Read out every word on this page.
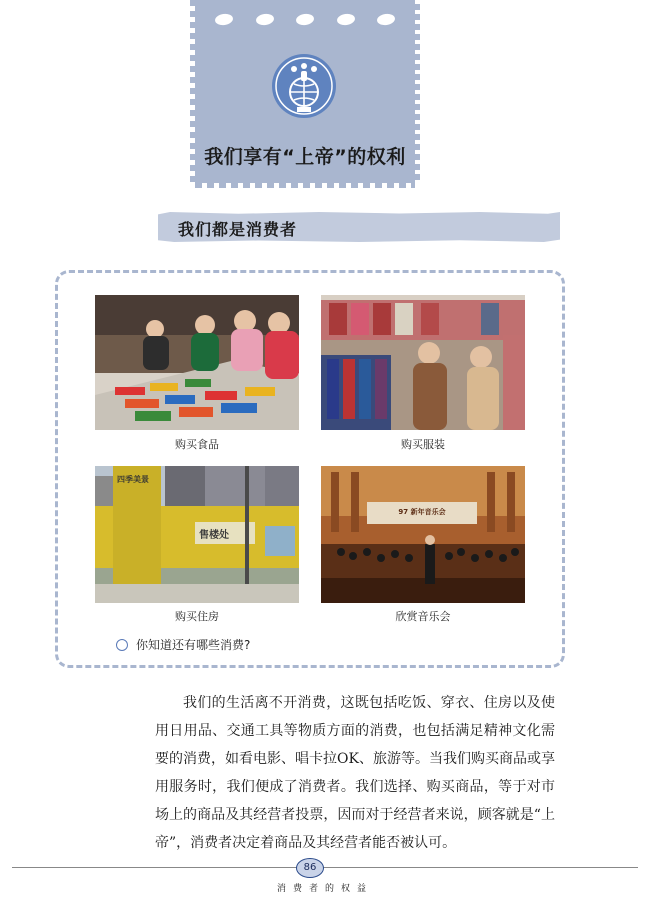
我们享有“上帝”的权利
我们都是消费者
购买食品	购买服装
四季美景
售楼处
购买住房
97 新年音乐会
欣赏音乐会
你知道还有哪些消费?
我们的生活离不开消费，这既包括吃饭、穿衣、住房以及使用日用品、交通工具等物质方面的消费，也包括满足精神文化需要的消费，如看电影、唱卡拉OK、旅游等。当我们购买商品或享用服务时，我们便成了消费者。我们选择、购买商品，等于对市场上的商品及其经营者投票，因而对于经营者来说，顾客就是“上帝”，消费者决定着商品及其经营者能否被认可。
86
消费者的权益
